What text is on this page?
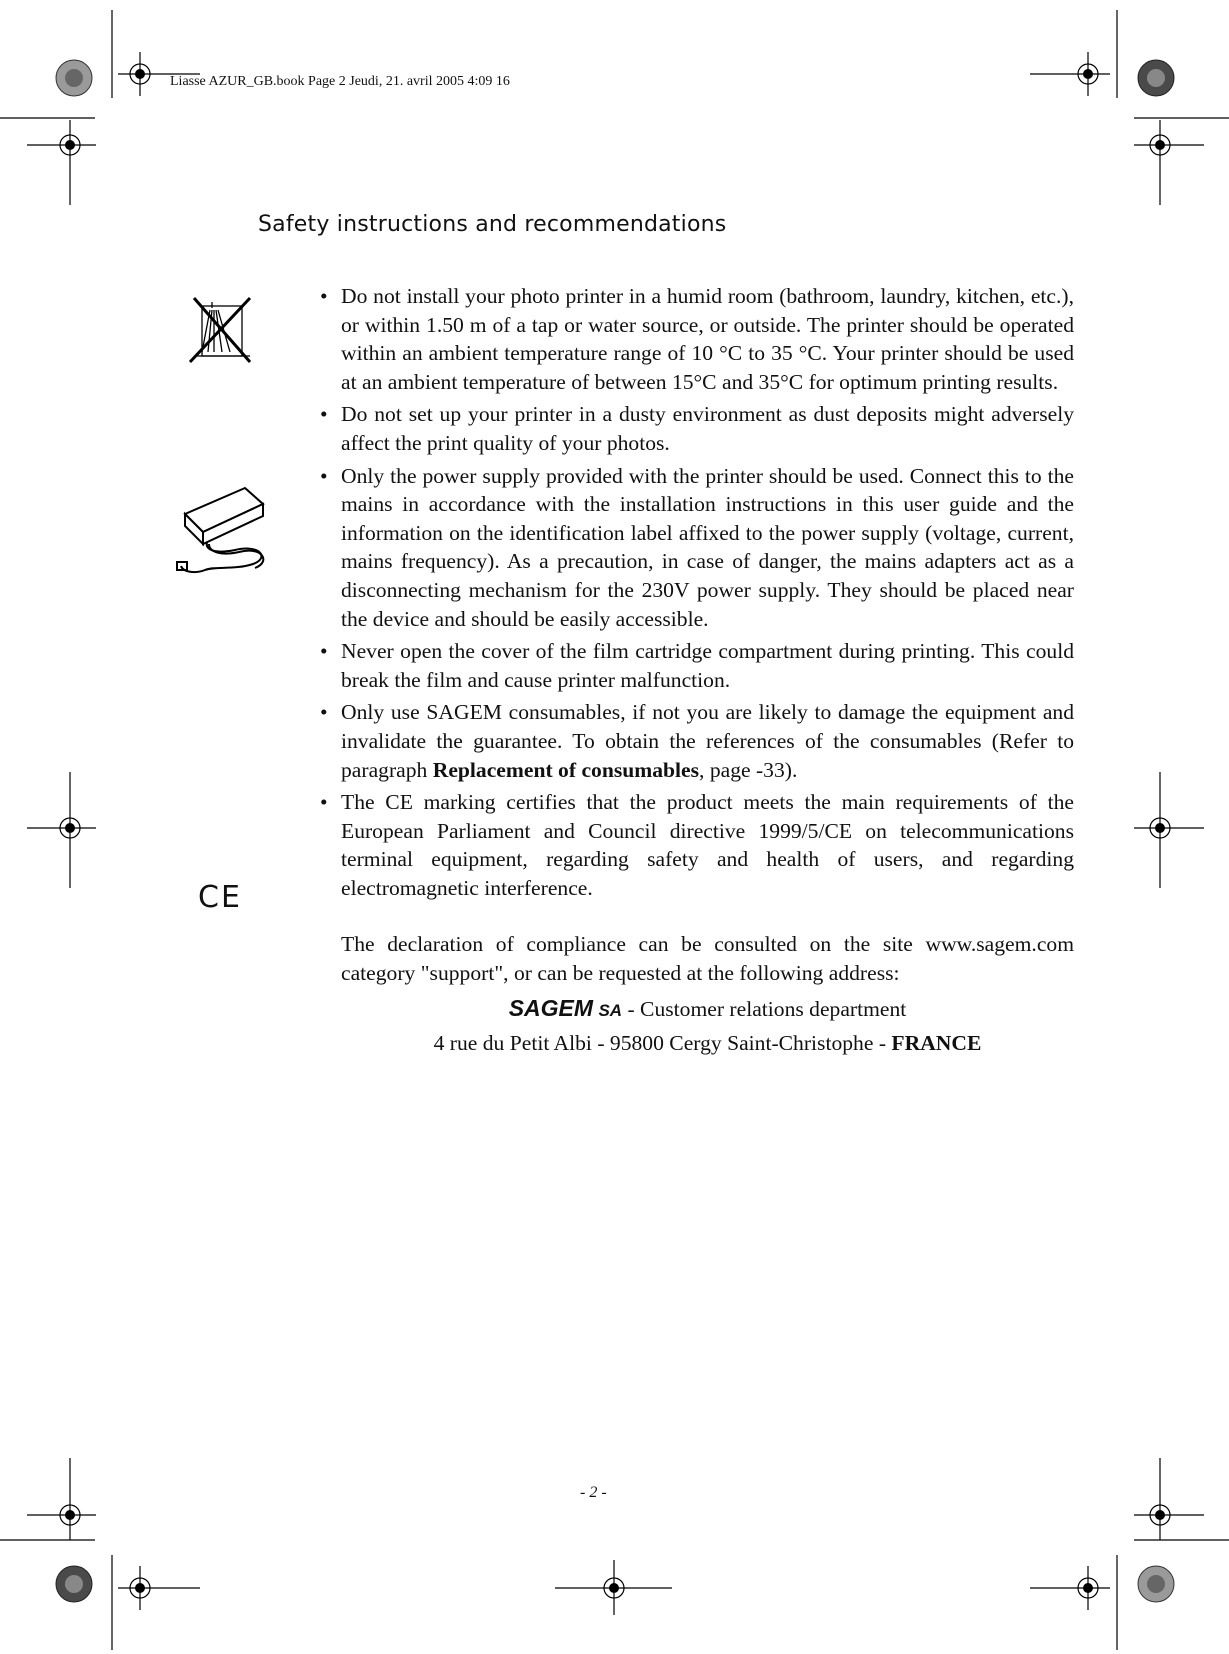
Liasse AZUR_GB.book Page 2 Jeudi, 21. avril 2005 4:09 16
Safety instructions and recommendations
CE
• Do not install your photo printer in a humid room (bathroom, laundry, kitchen, etc.), or within 1.50 m of a tap or water source, or outside. The printer should be operated within an ambient temperature range of 10 °C to 35 °C. Your printer should be used at an ambient temperature of between 15°C and 35°C for optimum printing results.

• Do not set up your printer in a dusty environment as dust deposits might adversely affect the print quality of your photos.

• Only the power supply provided with the printer should be used. Connect this to the mains in accordance with the installation instructions in this user guide and the information on the identification label affixed to the power supply (voltage, current, mains frequency). As a precaution, in case of danger, the mains adapters act as a disconnecting mechanism for the 230V power supply. They should be placed near the device and should be easily accessible.

• Never open the cover of the film cartridge compartment during printing. This could break the film and cause printer malfunction.

• Only use SAGEM consumables, if not you are likely to damage the equipment and invalidate the guarantee. To obtain the references of the consumables (Refer to paragraph Replacement of consumables, page -33).

• The CE marking certifies that the product meets the main requirements of the European Parliament and Council directive 1999/5/CE on telecommunications terminal equipment, regarding safety and health of users, and regarding electromagnetic interference.

The declaration of compliance can be consulted on the site www.sagem.com category "support", or can be requested at the following address:

SAGEM SA - Customer relations department
4 rue du Petit Albi - 95800 Cergy Saint-Christophe - FRANCE
- 2 -
